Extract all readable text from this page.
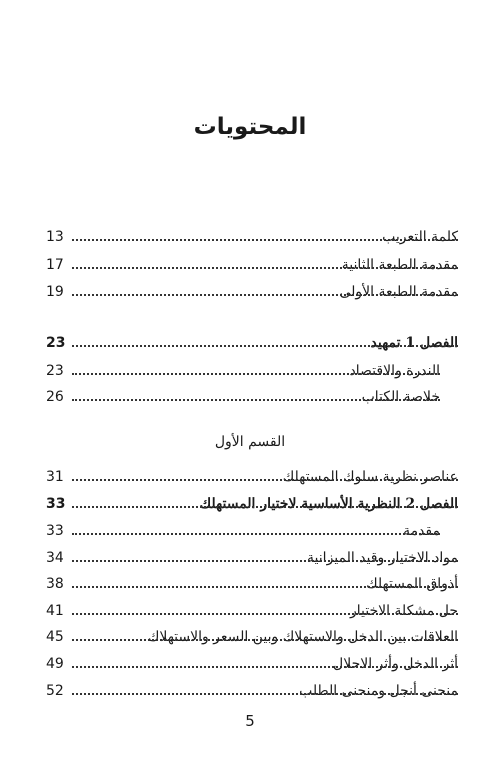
المحتويات
كلمة التعريب
13
مقدمة الطبعة الثانية
17
مقدمة الطبعة الأولى
19
الفصل 1 تمهيد
23
الندرة والاقتصاد
23
خلاصة الكتاب
26
القسم الأول
عناصر نظرية سلوك المستهلك
31
الفصل 2 النظرية الأساسية لاختيار المستهلك
33
مقدمة
33
مواد الاختيار وقيد الميزانية
34
أذواق المستهلك
38
حل مشكلة الاختيار
41
العلاقات بين الدخل والاستهلاك وبين السعر والاستهلاك
45
أثر الدخل وأثر الاحلال
49
منحنى أنجل ومنحنى الطلب
52
5
